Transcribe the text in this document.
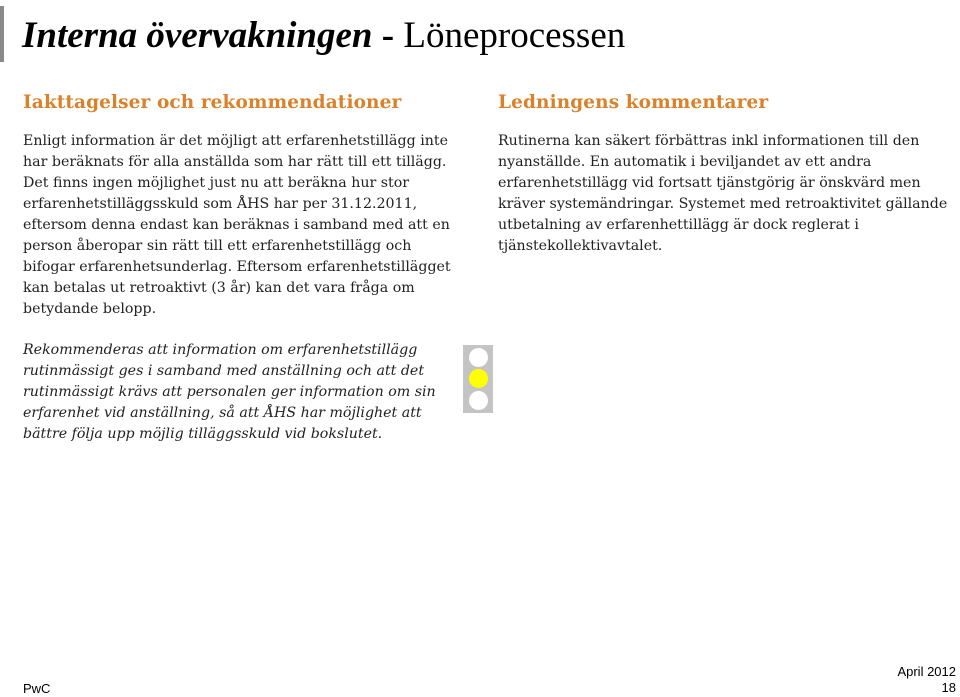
Interna övervakningen - Löneprocessen
Iakttagelser och rekommendationer

Enligt information är det möjligt att erfarenhetstillägg inte har beräknats för alla anställda som har rätt till ett tillägg. Det finns ingen möjlighet just nu att beräkna hur stor erfarenhetstilläggsskuld som ÅHS har per 31.12.2011, eftersom denna endast kan beräknas i samband med att en person åberopar sin rätt till ett erfarenhetstillägg och bifogar erfarenhetsunderlag. Eftersom erfarenhetstillägget kan betalas ut retroaktivt (3 år) kan det vara fråga om betydande belopp.

Rekommenderas att information om erfarenhetstillägg rutinmässigt ges i samband med anställning och att det rutinmässigt krävs att personalen ger information om sin erfarenhet vid anställning, så att ÅHS har möjlighet att bättre följa upp möjlig tilläggsskuld vid bokslutet.

Ledningens kommentarer

Rutinerna kan säkert förbättras inkl informationen till den nyanställde. En automatik i beviljandet av ett andra erfarenhetstillägg vid fortsatt tjänstgörig är önskvärd men kräver systemändringar. Systemet med retroaktivitet gällande utbetalning av erfarenhettillägg är dock reglerat i tjänstekollektivavtalet.

PwC
April 2012
18
